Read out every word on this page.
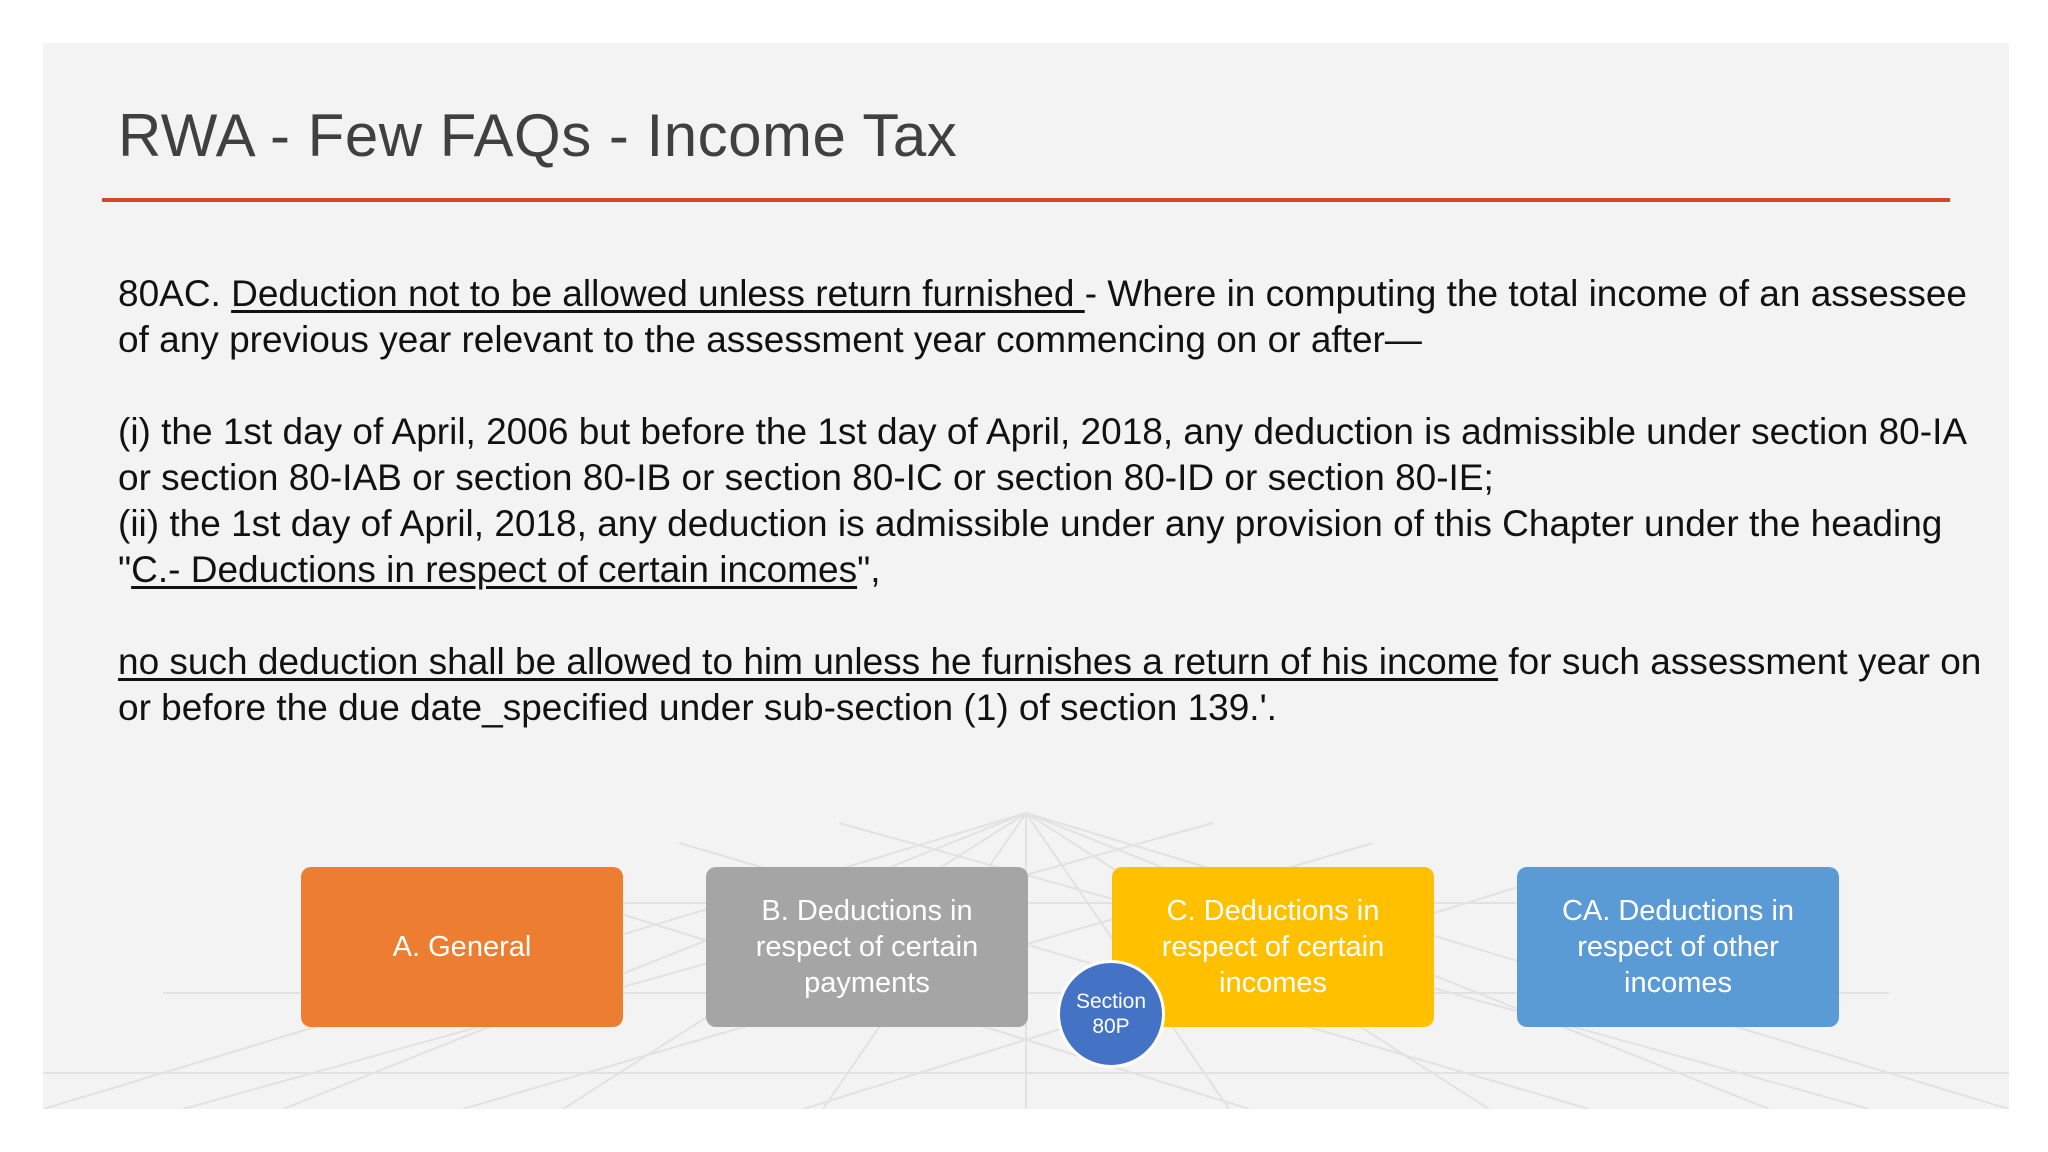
RWA - Few FAQs - Income Tax

80AC. Deduction not to be allowed unless return furnished - Where in computing the total income of an assessee of any previous year relevant to the assessment year commencing on or after—

(i) the 1st day of April, 2006 but before the 1st day of April, 2018, any deduction is admissible under section 80-IA or section 80-IAB or section 80-IB or section 80-IC or section 80-ID or section 80-IE;

(ii) the 1st day of April, 2018, any deduction is admissible under any provision of this Chapter under the heading "C.- Deductions in respect of certain incomes",

no such deduction shall be allowed to him unless he furnishes a return of his income for such assessment year on or before the due date_specified under sub-section (1) of section 139.'.

A. General
B. Deductions in respect of certain payments
C. Deductions in respect of certain incomes
CA. Deductions in respect of other incomes
Section 80P
